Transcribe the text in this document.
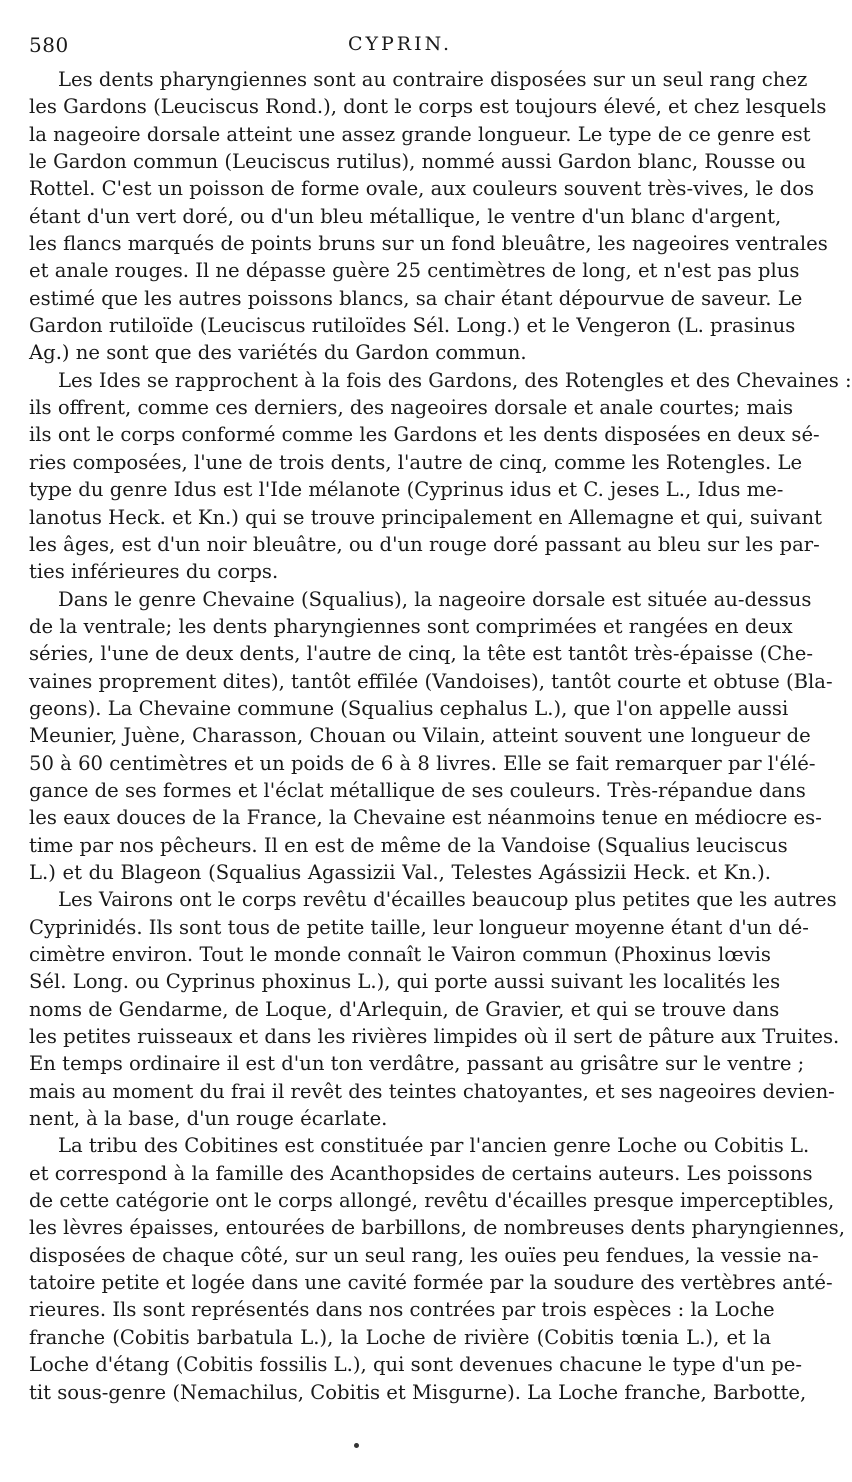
580	CYPRIN.
Les dents pharyngiennes sont au contraire disposées sur un seul rang chez
les Gardons (Leuciscus Rond.), dont le corps est toujours élevé, et chez lesquels
la nageoire dorsale atteint une assez grande longueur. Le type de ce genre est
le Gardon commun (Leuciscus rutilus), nommé aussi Gardon blanc, Rousse ou
Rottel. C'est un poisson de forme ovale, aux couleurs souvent très-vives, le dos
étant d'un vert doré, ou d'un bleu métallique, le ventre d'un blanc d'argent,
les flancs marqués de points bruns sur un fond bleuâtre, les nageoires ventrales
et anale rouges. Il ne dépasse guère 25 centimètres de long, et n'est pas plus
estimé que les autres poissons blancs, sa chair étant dépourvue de saveur. Le
Gardon rutiloïde (Leuciscus rutiloïdes Sél. Long.) et le Vengeron (L. prasinus
Ag.) ne sont que des variétés du Gardon commun.
Les Ides se rapprochent à la fois des Gardons, des Rotengles et des Chevaines :
ils offrent, comme ces derniers, des nageoires dorsale et anale courtes; mais
ils ont le corps conformé comme les Gardons et les dents disposées en deux sé-
ries composées, l'une de trois dents, l'autre de cinq, comme les Rotengles. Le
type du genre Idus est l'Ide mélanote (Cyprinus idus et C. jeses L., Idus me-
lanotus Heck. et Kn.) qui se trouve principalement en Allemagne et qui, suivant
les âges, est d'un noir bleuâtre, ou d'un rouge doré passant au bleu sur les par-
ties inférieures du corps.
Dans le genre Chevaine (Squalius), la nageoire dorsale est située au-dessus
de la ventrale; les dents pharyngiennes sont comprimées et rangées en deux
séries, l'une de deux dents, l'autre de cinq, la tête est tantôt très-épaisse (Che-
vaines proprement dites), tantôt effilée (Vandoises), tantôt courte et obtuse (Bla-
geons). La Chevaine commune (Squalius cephalus L.), que l'on appelle aussi
Meunier, Juène, Charasson, Chouan ou Vilain, atteint souvent une longueur de
50 à 60 centimètres et un poids de 6 à 8 livres. Elle se fait remarquer par l'élé-
gance de ses formes et l'éclat métallique de ses couleurs. Très-répandue dans
les eaux douces de la France, la Chevaine est néanmoins tenue en médiocre es-
time par nos pêcheurs. Il en est de même de la Vandoise (Squalius leuciscus
L.) et du Blageon (Squalius Agassizii Val., Telestes Agássizii Heck. et Kn.).
Les Vairons ont le corps revêtu d'écailles beaucoup plus petites que les autres
Cyprinidés. Ils sont tous de petite taille, leur longueur moyenne étant d'un dé-
cimètre environ. Tout le monde connaît le Vairon commun (Phoxinus lœvis
Sél. Long. ou Cyprinus phoxinus L.), qui porte aussi suivant les localités les
noms de Gendarme, de Loque, d'Arlequin, de Gravier, et qui se trouve dans
les petites ruisseaux et dans les rivières limpides où il sert de pâture aux Truites.
En temps ordinaire il est d'un ton verdâtre, passant au grisâtre sur le ventre ;
mais au moment du frai il revêt des teintes chatoyantes, et ses nageoires devien-
nent, à la base, d'un rouge écarlate.
La tribu des Cobitines est constituée par l'ancien genre Loche ou Cobitis L.
et correspond à la famille des Acanthopsides de certains auteurs. Les poissons
de cette catégorie ont le corps allongé, revêtu d'écailles presque imperceptibles,
les lèvres épaisses, entourées de barbillons, de nombreuses dents pharyngiennes,
disposées de chaque côté, sur un seul rang, les ouïes peu fendues, la vessie na-
tatoire petite et logée dans une cavité formée par la soudure des vertèbres anté-
rieures. Ils sont représentés dans nos contrées par trois espèces : la Loche
franche (Cobitis barbatula L.), la Loche de rivière (Cobitis tœnia L.), et la
Loche d'étang (Cobitis fossilis L.), qui sont devenues chacune le type d'un pe-
tit sous-genre (Nemachilus, Cobitis et Misgurne). La Loche franche, Barbotte,
